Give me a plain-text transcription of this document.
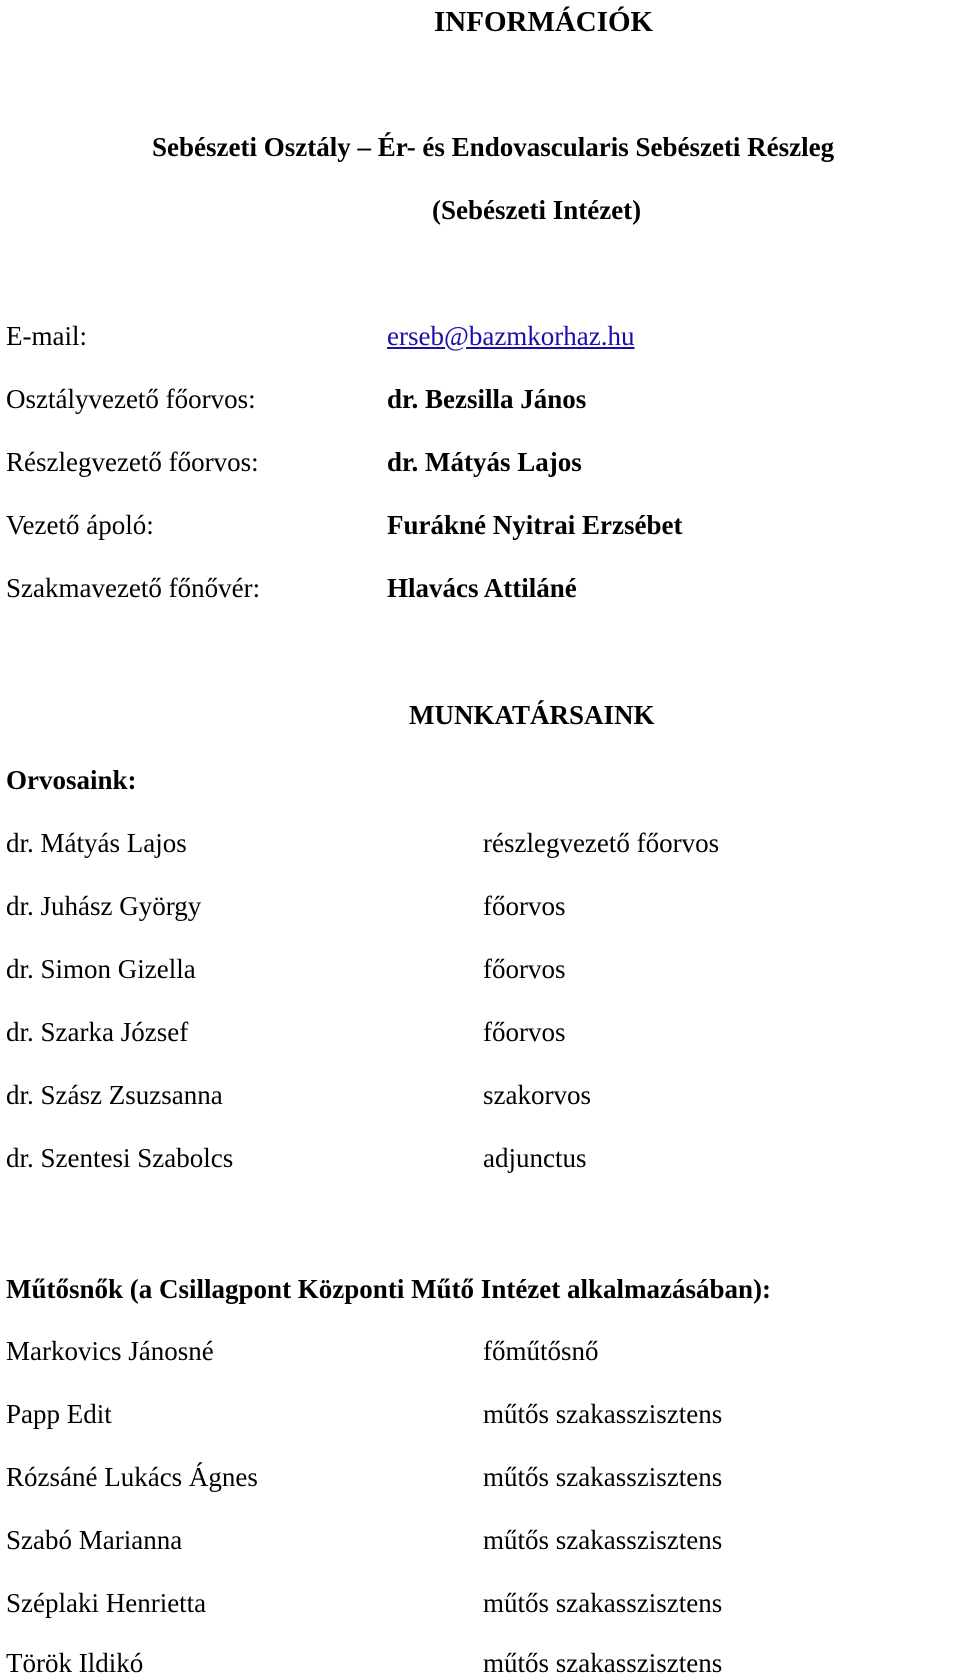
INFORMÁCIÓK
Sebészeti Osztály – Ér- és Endovascularis Sebészeti Részleg
(Sebészeti Intézet)
E-mail:	erseb@bazmkorhaz.hu
Osztályvezető főorvos:	dr. Bezsilla János
Részlegvezető főorvos:	dr. Mátyás Lajos
Vezető ápoló:	Furákné Nyitrai Erzsébet
Szakmavezető főnővér:	Hlavács Attiláné
MUNKATÁRSAINK
Orvosaink:
dr. Mátyás Lajos	részlegvezető főorvos
dr. Juhász György	főorvos
dr. Simon Gizella	főorvos
dr. Szarka József	főorvos
dr. Szász Zsuzsanna	szakorvos
dr. Szentesi Szabolcs	adjunctus
Műtősnők (a Csillagpont Központi Műtő Intézet alkalmazásában):
Markovics Jánosné	főműtősnő
Papp Edit	műtős szakasszisztens
Rózsáné Lukács Ágnes	műtős szakasszisztens
Szabó Marianna	műtős szakasszisztens
Széplaki Henrietta	műtős szakasszisztens
Török Ildikó	műtős szakasszisztens
